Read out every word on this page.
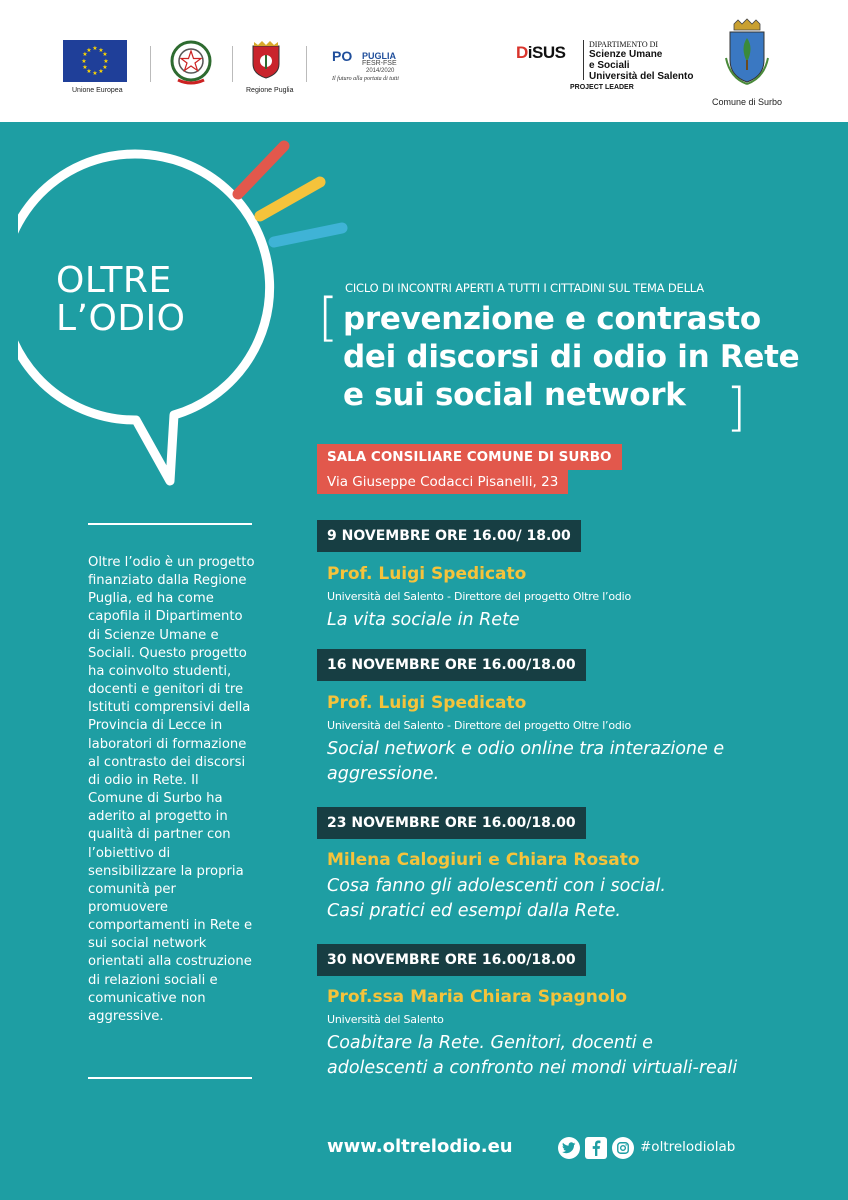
★ ★
★
★
★
★
★
★
★
★
★
★
Unione Europea	Regione Puglia
PO PUGLIA
FESR-FSE
2014/2020
Il futuro alla portata di tutti
DiSUS	DIPARTIMENTO DI
Scienze Umane
e Sociali
Università del Salento
PROJECT LEADER
Comune di Surbo
OLTRE
L’ODIO
Oltre l’odio è un progetto finanziato dalla Regione Puglia, ed ha come capofila il Dipartimento di Scienze Umane e Sociali. Questo progetto ha coinvolto studenti, docenti e genitori di tre Istituti comprensivi della Provincia di Lecce in laboratori di formazione al contrasto dei discorsi di odio in Rete. Il Comune di Surbo ha aderito al progetto in qualità di partner con l’obiettivo di sensibilizzare la propria comunità per promuovere comportamenti in Rete e sui social network orientati alla costruzione di relazioni sociali e comunicative non aggressive.
CICLO DI INCONTRI APERTI A TUTTI I CITTADINI SUL TEMA DELLA
[ prevenzione e contrasto
dei discorsi di odio in Rete
e sui social network ]
SALA CONSILIARE COMUNE DI SURBO
Via Giuseppe Codacci Pisanelli, 23
9 NOVEMBRE ORE 16.00/ 18.00
Prof. Luigi Spedicato
Università del Salento - Direttore del progetto Oltre l’odio
La vita sociale in Rete
16 NOVEMBRE ORE 16.00/18.00
Prof. Luigi Spedicato
Università del Salento - Direttore del progetto Oltre l’odio
Social network e odio online tra interazione e
aggressione.
23 NOVEMBRE ORE 16.00/18.00
Milena Calogiuri e Chiara Rosato
Cosa fanno gli adolescenti con i social.
Casi pratici ed esempi dalla Rete.
30 NOVEMBRE ORE 16.00/18.00
Prof.ssa Maria Chiara Spagnolo
Università del Salento
Coabitare la Rete. Genitori, docenti e
adolescenti a confronto nei mondi virtuali-reali
www.oltrelodio.eu	#oltrelodiolab
